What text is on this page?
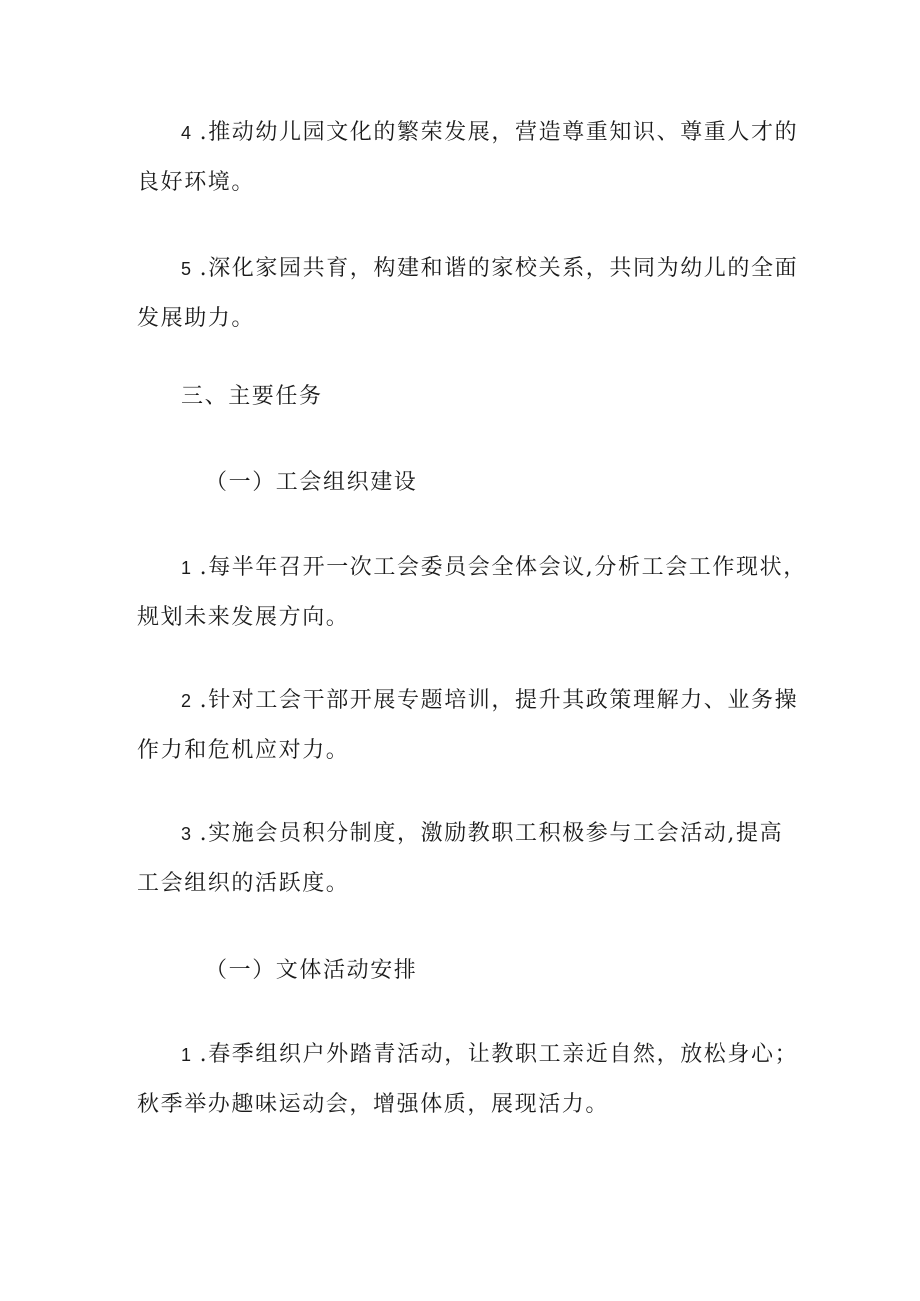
4 .推动幼儿园文化的繁荣发展，营造尊重知识、尊重人才的
良好环境。
5 .深化家园共育，构建和谐的家校关系，共同为幼儿的全面
发展助力。
三、主要任务
（一）工会组织建设
1 .每半年召开一次工会委员会全体会议,分析工会工作现状，
规划未来发展方向。
2 .针对工会干部开展专题培训，提升其政策理解力、业务操
作力和危机应对力。
3 .实施会员积分制度，激励教职工积极参与工会活动,提高
工会组织的活跃度。
（一）文体活动安排
1 .春季组织户外踏青活动，让教职工亲近自然，放松身心；
秋季举办趣味运动会，增强体质，展现活力。
